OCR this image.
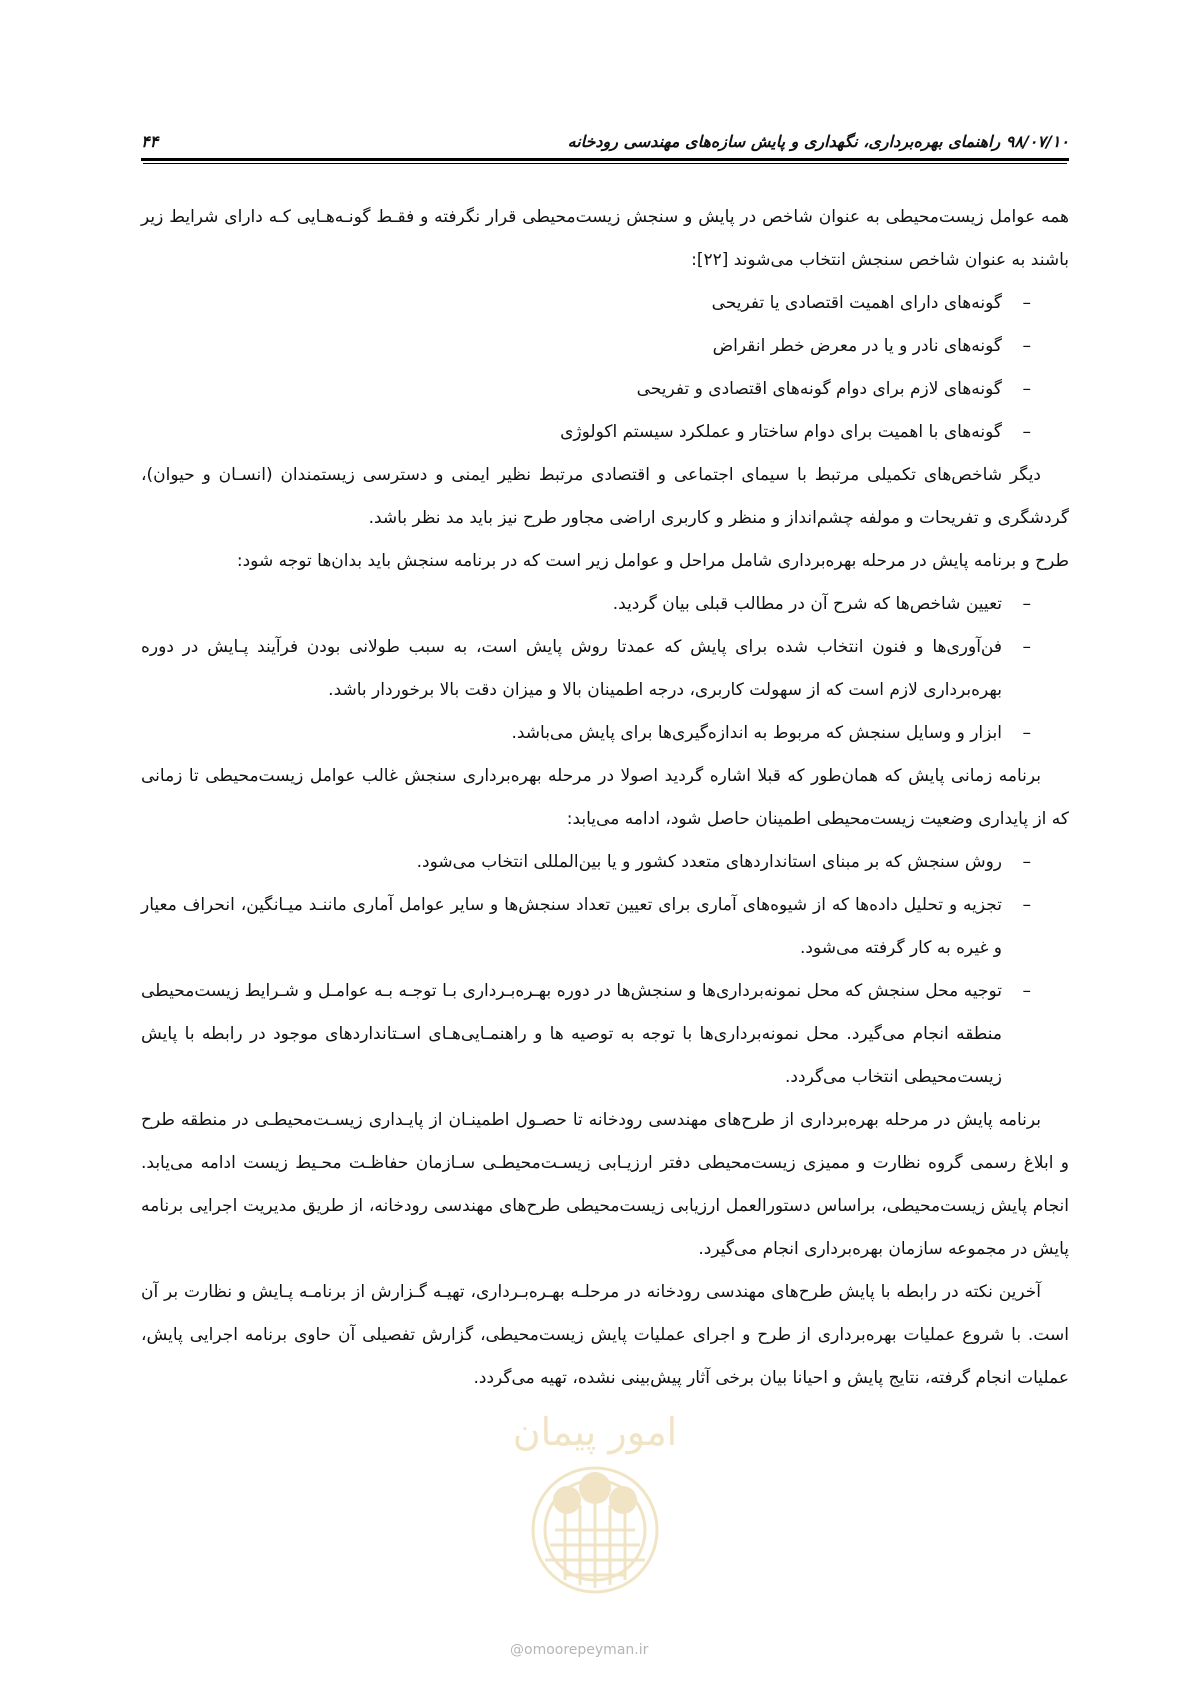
۹۸/۰۷/۱۰ راهنمای بهره‌برداری، نگهداری و پایش سازه‌های مهندسی رودخانه
۴۴

همه عوامل زیست‌محیطی به عنوان شاخص در پایش و سنجش زیست‌محیطی قرار نگرفته و فقـط گونـه‌هـایی کـه دارای شرایط زیر باشند به عنوان شاخص سنجش انتخاب می‌شوند [۲۲]:

–
گونه‌های دارای اهمیت اقتصادی یا تفریحی
–
گونه‌های نادر و یا در معرض خطر انقراض
–
گونه‌های لازم برای دوام گونه‌های اقتصادی و تفریحی
–
گونه‌های با اهمیت برای دوام ساختار و عملکرد سیستم اکولوژی

دیگر شاخص‌های تکمیلی مرتبط با سیمای اجتماعی و اقتصادی مرتبط نظیر ایمنی و دسترسی زیستمندان (انسـان و حیوان)، گردشگری و تفریحات و مولفه چشم‌انداز و منظر و کاربری اراضی مجاور طرح نیز باید مد نظر باشد.

طرح و برنامه پایش در مرحله بهره‌برداری شامل مراحل و عوامل زیر است که در برنامه سنجش باید بدان‌ها توجه شود:

–
تعیین شاخص‌ها که شرح آن در مطالب قبلی بیان گردید.
–
فن‌آوری‌ها و فنون انتخاب شده برای پایش که عمدتا روش پایش است، به سبب طولانی بودن فرآیند پـایش در دوره بهره‌برداری لازم است که از سهولت کاربری، درجه اطمینان بالا و میزان دقت بالا برخوردار باشد.
–
ابزار و وسایل سنجش که مربوط به اندازه‌گیری‌ها برای پایش می‌باشد.

برنامه زمانی پایش که همان‌طور که قبلا اشاره گردید اصولا در مرحله بهره‌برداری سنجش غالب عوامل زیست‌محیطی تا زمانی که از پایداری وضعیت زیست‌محیطی اطمینان حاصل شود، ادامه می‌یابد:

–
روش سنجش که بر مبنای استانداردهای متعدد کشور و یا بین‌المللی انتخاب می‌شود.
–
تجزیه و تحلیل داده‌ها که از شیوه‌های آماری برای تعیین تعداد سنجش‌ها و سایر عوامل آماری ماننـد میـانگین، انحراف معیار و غیره به کار گرفته می‌شود.
–
توجیه محل سنجش که محل نمونه‌برداری‌ها و سنجش‌ها در دوره بهـره‌بـرداری بـا توجـه بـه عوامـل و شـرایط زیست‌محیطی منطقه انجام می‌گیرد. محل نمونه‌برداری‌ها با توجه به توصیه ها و راهنمـایی‌هـای اسـتانداردهای موجود در رابطه با پایش زیست‌محیطی انتخاب می‌گردد.

برنامه پایش در مرحله بهره‌برداری از طرح‌های مهندسی رودخانه تا حصـول اطمینـان از پایـداری زیسـت‌محیطـی در منطقه طرح و ابلاغ رسمی گروه نظارت و ممیزی زیست‌محیطی دفتر ارزیـابی زیسـت‌محیطـی سـازمان حفاظـت محـیط زیست ادامه می‌یابد. انجام پایش زیست‌محیطی، براساس دستورالعمل ارزیابی زیست‌محیطی طرح‌های مهندسی رودخانه، از طریق مدیریت اجرایی برنامه پایش در مجموعه سازمان بهره‌برداری انجام می‌گیرد.

آخرین نکته در رابطه با پایش طرح‌های مهندسی رودخانه در مرحلـه بهـره‌بـرداری، تهیـه گـزارش از برنامـه پـایش و نظارت بر آن است. با شروع عملیات بهره‌برداری از طرح و اجرای عملیات پایش زیست‌محیطی، گزارش تفصیلی آن حاوی برنامه اجرایی پایش، عملیات انجام گرفته، نتایج پایش و احیانا بیان برخی آثار پیش‌بینی نشده، تهیه می‌گردد.

امور پیمان
@omoorepeyman.ir
